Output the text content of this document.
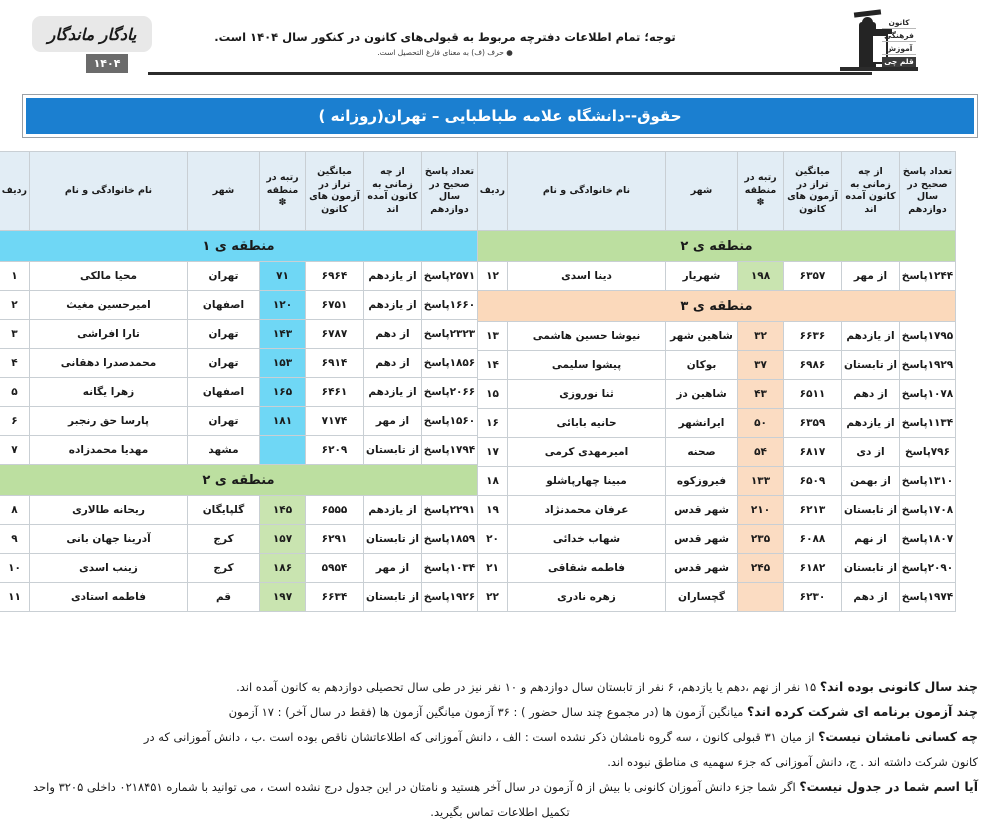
کانون
فرهنگی
آموزش
قلم چی
توجه؛ تمام اطلاعات دفترچه مربوط به قبولی‌های کانون در کنکور سال ۱۴۰۴ است.
● حرف (ف) به معنای فارغ التحصیل است.
یادگار ماندگار
۱۴۰۴
حقوق--دانشگاه علامه طباطبایی – تهران(روزانه )
تعداد پاسخ صحیح در سال دوازدهم	از چه زمانی به کانون آمده اند	میانگین تراز در آزمون های کانون	رتبه در منطقه ✽	شهر	نام خانوادگی و نام	ردیف
منطقه ی ۲						
۱۲۴۴پاسخ	از مهر	۶۳۵۷	۱۹۸	شهریار	دینا اسدی	۱۲
منطقه ی ۳						
۱۷۹۵پاسخ	از یازدهم	۶۶۳۶	۳۲	شاهین شهر	نیوشا حسین هاشمی	۱۳
۱۹۲۹پاسخ	از تابستان	۶۹۸۶	۳۷	بوکان	پیشوا سلیمی	۱۴
۱۰۷۸پاسخ	از دهم	۶۵۱۱	۴۳	شاهین دز	ثنا نوروزی	۱۵
۱۱۳۴پاسخ	از یازدهم	۶۳۵۹	۵۰	ایرانشهر	حانیه بابائی	۱۶
۷۹۶پاسخ	از دی	۶۸۱۷	۵۴	صحنه	امیرمهدی کرمی	۱۷
۱۳۱۰پاسخ	از بهمن	۶۵۰۹	۱۳۳	فیروزکوه	مبینا چهارپاشلو	۱۸
۱۷۰۸پاسخ	از تابستان	۶۲۱۳	۲۱۰	شهر قدس	عرفان محمدنژاد	۱۹
۱۸۰۷پاسخ	از نهم	۶۰۸۸	۲۳۵	شهر قدس	شهاب خدائی	۲۰
۲۰۹۰پاسخ	از تابستان	۶۱۸۲	۲۴۵	شهر قدس	فاطمه شقاقی	۲۱
۱۹۷۴پاسخ	از دهم	۶۲۳۰		گچساران	زهره نادری	۲۲
تعداد پاسخ صحیح در سال دوازدهم	از چه زمانی به کانون آمده اند	میانگین تراز در آزمون های کانون	رتبه در منطقه ✽	شهر	نام خانوادگی و نام	ردیف
منطقه ی ۱						
۲۵۷۱پاسخ	از یازدهم	۶۹۶۴	۷۱	تهران	محیا مالکی	۱
۱۶۶۰پاسخ	از یازدهم	۶۷۵۱	۱۲۰	اصفهان	امیرحسین مغیث	۲
۲۳۲۳پاسخ	از دهم	۶۷۸۷	۱۴۳	تهران	تارا افراشی	۳
۱۸۵۶پاسخ	از دهم	۶۹۱۴	۱۵۳	تهران	محمدصدرا دهقانی	۴
۲۰۶۶پاسخ	از یازدهم	۶۴۶۱	۱۶۵	اصفهان	زهرا یگانه	۵
۱۵۶۰پاسخ	از مهر	۷۱۷۴	۱۸۱	تهران	پارسا حق رنجبر	۶
۱۷۹۴پاسخ	از تابستان	۶۲۰۹		مشهد	مهدیا محمدزاده	۷
منطقه ی ۲						
۲۲۹۱پاسخ	از یازدهم	۶۵۵۵	۱۴۵	گلپایگان	ریحانه طالاری	۸
۱۸۵۹پاسخ	از تابستان	۶۲۹۱	۱۵۷	کرج	آدرینا جهان بانی	۹
۱۰۳۴پاسخ	از مهر	۵۹۵۴	۱۸۶	کرج	زینب اسدی	۱۰
۱۹۲۶پاسخ	از تابستان	۶۶۳۴	۱۹۷	قم	فاطمه استادی	۱۱
چند سال کانونی بوده اند؟ ۱۵ نفر از نهم ،دهم یا یازدهم، ۶ نفر از تابستان سال دوازدهم و ۱۰ نفر نیز در طی سال تحصیلی دوازدهم به کانون آمده اند.
چند آزمون برنامه ای شرکت کرده اند؟ میانگین آزمون ها (در مجموع چند سال حضور ) : ۳۶ آزمون میانگین آزمون ها (فقط در سال آخر) : ۱۷ آزمون
چه کسانی نامشان نیست؟ از میان ۳۱ قبولی کانون ، سه گروه نامشان ذکر نشده است : الف ، دانش آموزانی که اطلاعاتشان ناقص بوده است .ب ، دانش آموزانی که در
کانون شرکت داشته اند . ج، دانش آموزانی که جزء سهمیه ی مناطق نبوده اند.
آیا اسم شما در جدول نیست؟ اگر شما جزء دانش آموزان کانونی با بیش از ۵ آزمون در سال آخر هستید و نامتان در این جدول درج نشده است ، می توانید با شماره ۰۲۱۸۴۵۱ داخلی ۳۲۰۵ واحد
تکمیل اطلاعات تماس بگیرید.
